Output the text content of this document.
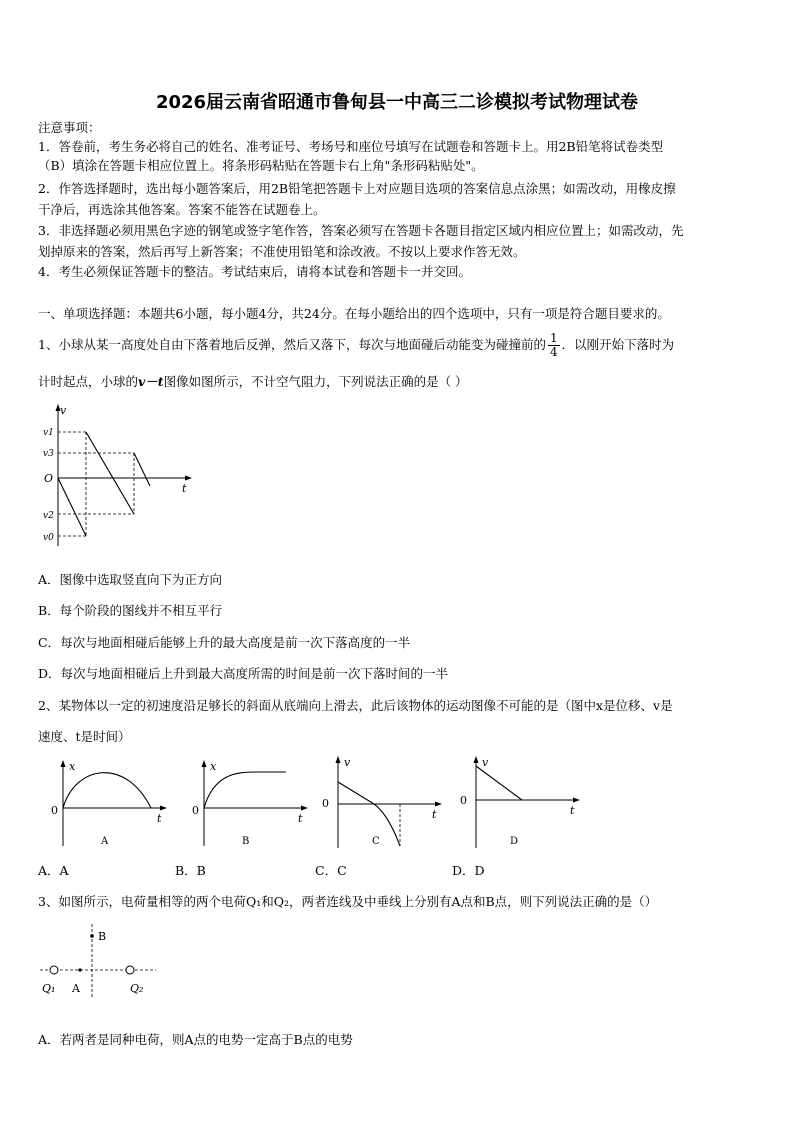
2026届云南省昭通市鲁甸县一中高三二诊模拟考试物理试卷
注意事项：
1．答卷前，考生务必将自己的姓名、准考证号、考场号和座位号填写在试题卷和答题卡上。用2B铅笔将试卷类型
（B）填涂在答题卡相应位置上。将条形码粘贴在答题卡右上角"条形码粘贴处"。
2．作答选择题时，选出每小题答案后，用2B铅笔把答题卡上对应题目选项的答案信息点涂黑；如需改动，用橡皮擦
干净后，再选涂其他答案。答案不能答在试题卷上。
3．非选择题必须用黑色字迹的钢笔或签字笔作答，答案必须写在答题卡各题目指定区域内相应位置上；如需改动，先
划掉原来的答案，然后再写上新答案；不准使用铅笔和涂改液。不按以上要求作答无效。
4．考生必须保证答题卡的整洁。考试结束后，请将本试卷和答题卡一并交回。
一、单项选择题：本题共6小题，每小题4分，共24分。在每小题给出的四个选项中，只有一项是符合题目要求的。
1、小球从某一高度处自由下落着地后反弹，然后又落下，每次与地面碰后动能变为碰撞前的 $\frac{1}{4}$ ．以刚开始下落时为
计时起点，小球的v－t图像如图所示，不计空气阻力，下列说法正确的是（ ）
v
t
O
v1
v3
v2
v0
A．图像中选取竖直向下为正方向
B．每个阶段的图线并不相互平行
C．每次与地面相碰后能够上升的最大高度是前一次下落高度的一半
D．每次与地面相碰后上升到最大高度所需的时间是前一次下落时间的一半
2、某物体以一定的初速度沿足够长的斜面从底端向上滑去，此后该物体的运动图像不可能的是（图中x是位移、v是
速度、t是时间）
x
t
0
A
x
t
0
B
v
t
0
C
v
t
0
D
A．A	B．B	C．C	D．D
3、如图所示，电荷量相等的两个电荷Q₁和Q₂，两者连线及中垂线上分别有A点和B点，则下列说法正确的是（）
B
Q₁ A	Q₂
A．若两者是同种电荷，则A点的电势一定高于B点的电势
